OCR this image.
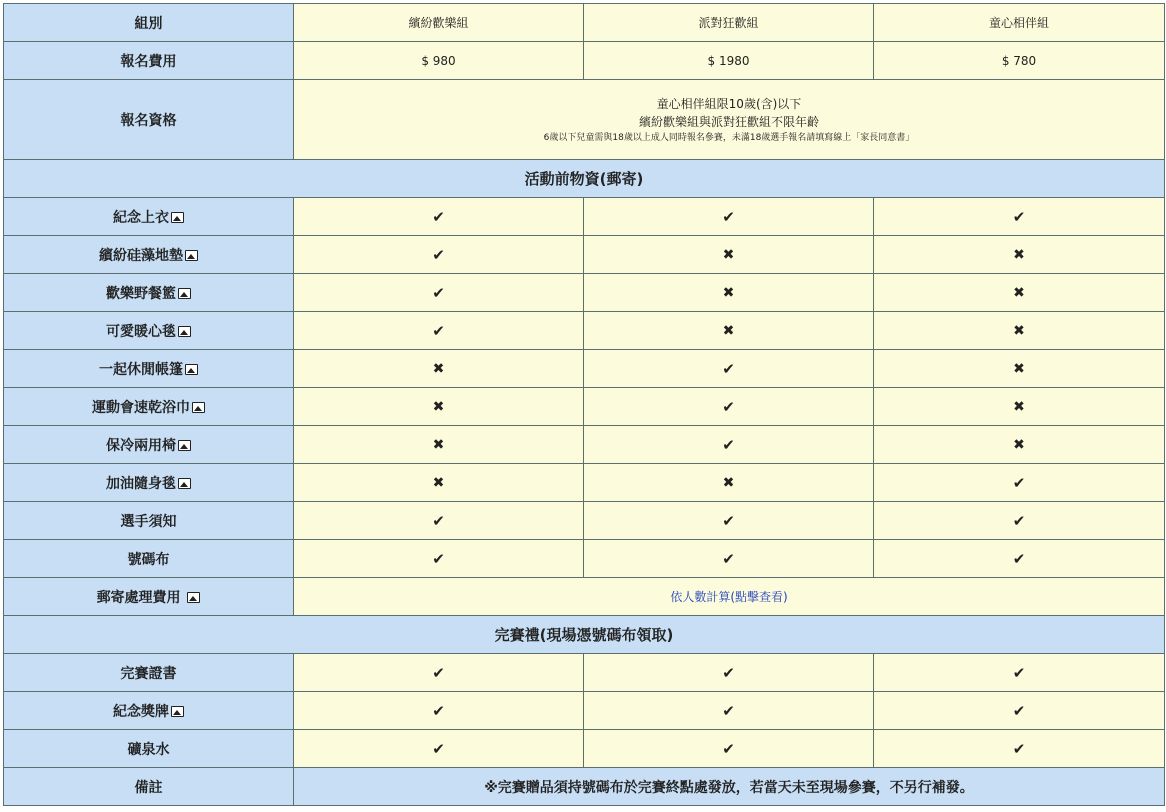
組別	繽紛歡樂組	派對狂歡組	童心相伴組

報名費用	$ 980	$ 1980	$ 780

報名資格	童心相伴組限10歲(含)以下
繽紛歡樂組與派對狂歡組不限年齡
6歲以下兒童需與18歲以上成人同時報名參賽，未滿18歲選手報名請填寫線上「家長同意書」		

活動前物資(郵寄)			
紀念上衣	✔	✔	✔
繽紛硅藻地墊	✔	✖	✖
歡樂野餐籃	✔	✖	✖
可愛暖心毯	✔	✖	✖
一起休閒帳篷	✖	✔	✖
運動會速乾浴巾	✖	✔	✖
保冷兩用椅	✖	✔	✖
加油隨身毯	✖	✖	✔
選手須知	✔	✔	✔
號碼布	✔	✔	✔
郵寄處理費用	依人數計算(點擊查看)		
完賽禮(現場憑號碼布領取)			
完賽證書	✔	✔	✔
紀念獎牌	✔	✔	✔
礦泉水	✔	✔	✔
備註	※完賽贈品須持號碼布於完賽終點處發放，若當天未至現場參賽，不另行補發。		
